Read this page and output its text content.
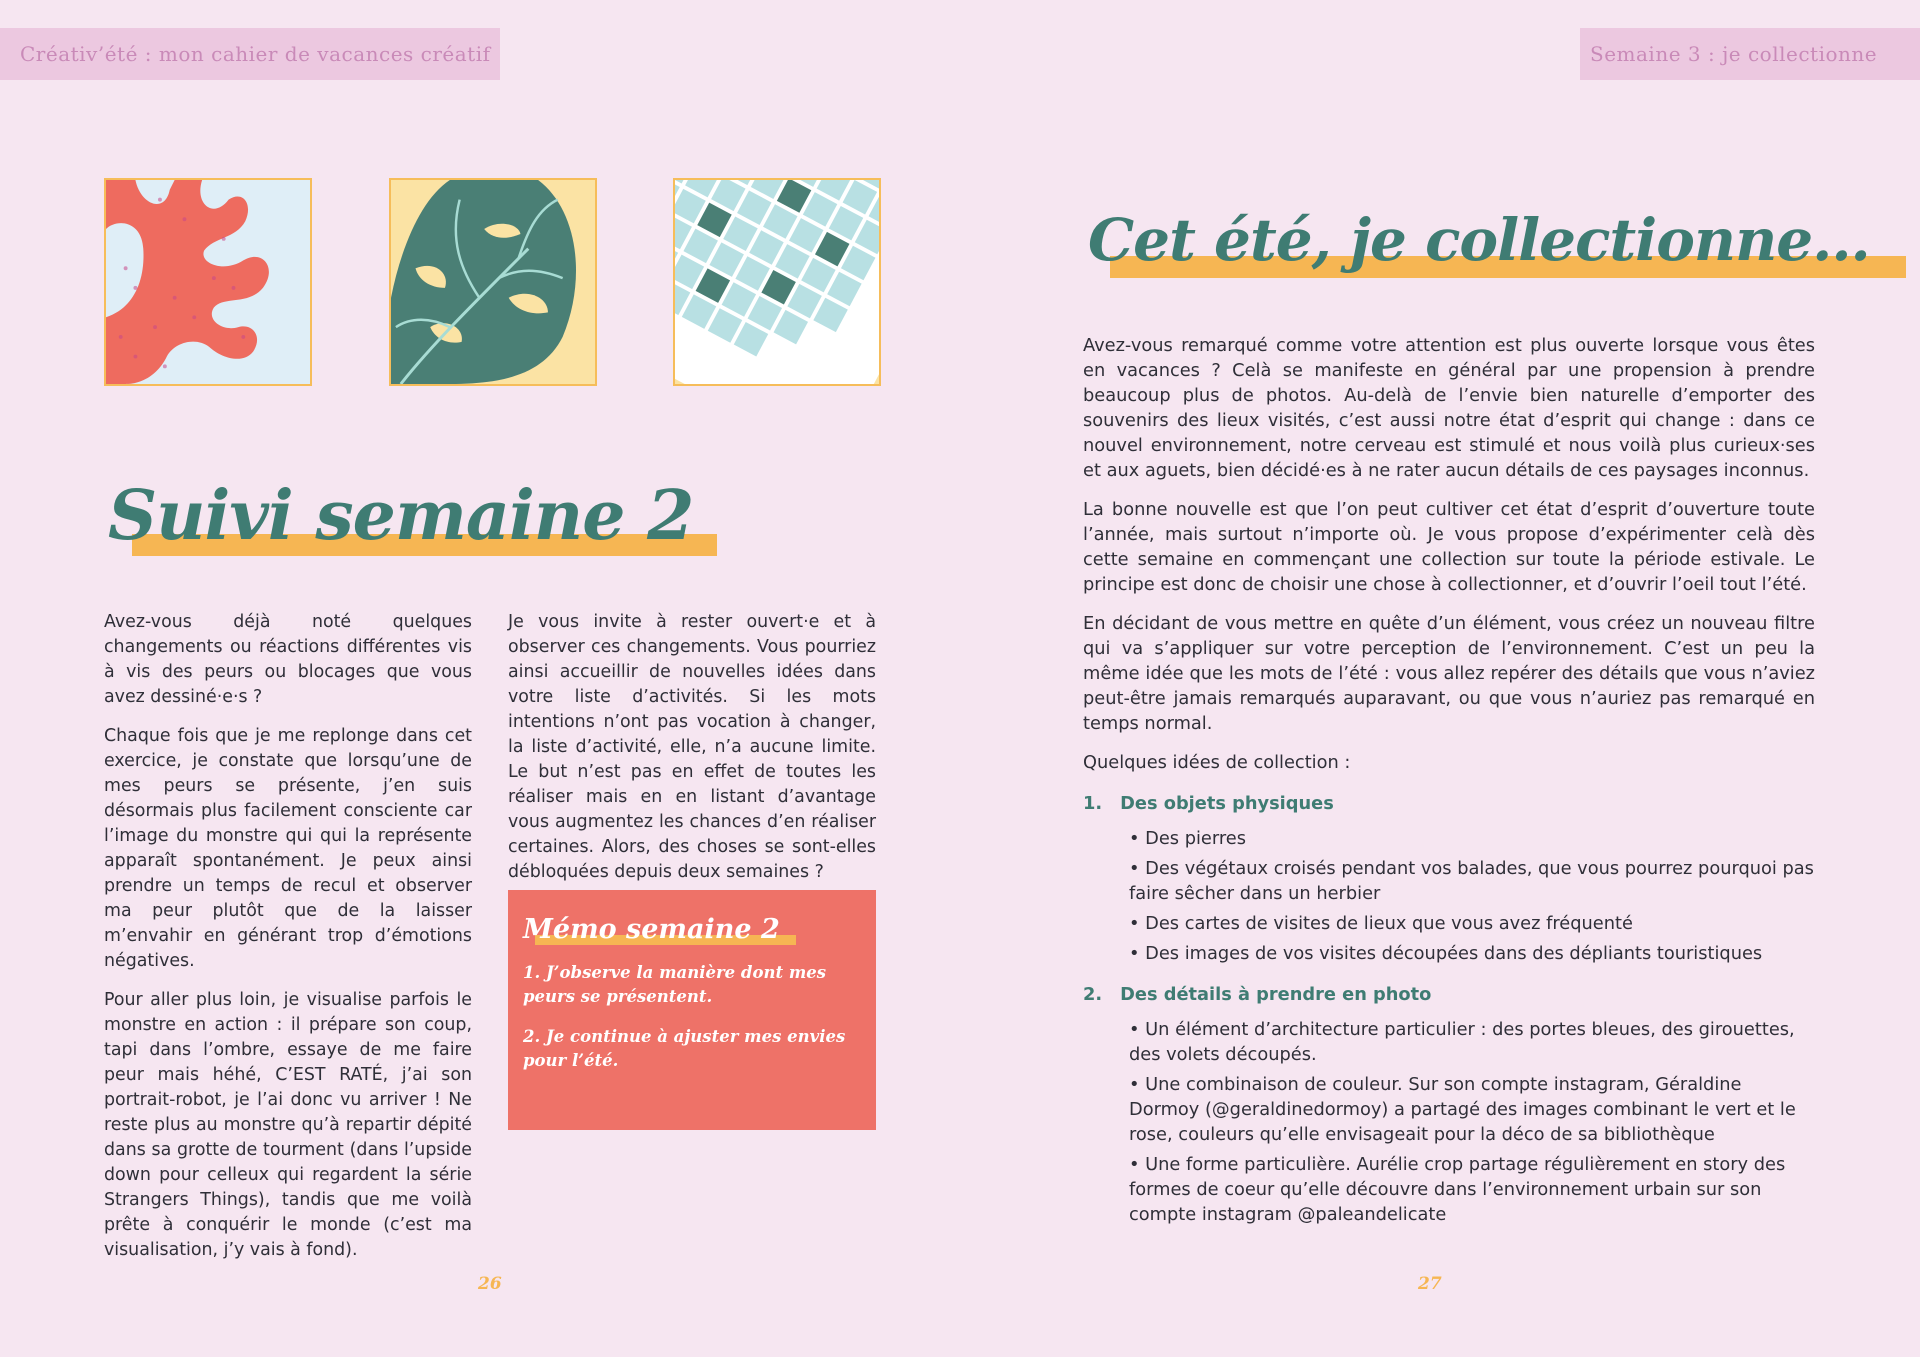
Créativ’été : mon cahier de vacances créatif	Semaine 3 : je collectionne
Suivi semaine 2

Avez-vous déjà noté quelques changements ou réactions différentes vis à vis des peurs ou blocages que vous avez dessiné·e·s ?

Chaque fois que je me replonge dans cet exercice, je constate que lorsqu’une de mes peurs se présente, j’en suis désormais plus facilement consciente car l’image du monstre qui qui la représente apparaît spontanément. Je peux ainsi prendre un temps de recul et observer ma peur plutôt que de la laisser m’envahir en générant trop d’émotions négatives.

Pour aller plus loin, je visualise parfois le monstre en action : il prépare son coup, tapi dans l’ombre, essaye de me faire peur mais héhé, C’EST RATÉ, j’ai son portrait-robot, je l’ai donc vu arriver ! Ne reste plus au monstre qu’à repartir dépité dans sa grotte de tourment (dans l’upside down pour celleux qui regardent la série Strangers Things), tandis que me voilà prête à conquérir le monde (c’est ma visualisation, j’y vais à fond).

Je vous invite à rester ouvert·e et à observer ces changements. Vous pourriez ainsi accueillir de nouvelles idées dans votre liste d’activités. Si les mots intentions n’ont pas vocation à changer, la liste d’activité, elle, n’a aucune limite. Le but n’est pas en effet de toutes les réaliser mais en en listant d’avantage vous augmentez les chances d’en réaliser certaines. Alors, des choses se sont-elles débloquées depuis deux semaines ?

Mémo semaine 2
1. J’observe la manière dont mes peurs se présentent.
2. Je continue à ajuster mes envies pour l’été.
26
Cet été, je collectionne...

Avez-vous remarqué comme votre attention est plus ouverte lorsque vous êtes en vacances ? Celà se manifeste en général par une propension à prendre beaucoup plus de photos. Au-delà de l’envie bien naturelle d’emporter des souvenirs des lieux visités, c’est aussi notre état d’esprit qui change : dans ce nouvel environnement, notre cerveau est stimulé et nous voilà plus curieux·ses et aux aguets, bien décidé·es à ne rater aucun détails de ces paysages inconnus.

La bonne nouvelle est que l’on peut cultiver cet état d’esprit d’ouverture toute l’année, mais surtout n’importe où. Je vous propose d’expérimenter celà dès cette semaine en commençant une collection sur toute la période estivale. Le principe est donc de choisir une chose à collectionner, et d’ouvrir l’oeil tout l’été.

En décidant de vous mettre en quête d’un élément, vous créez un nouveau filtre qui va s’appliquer sur votre perception de l’environnement. C’est un peu la même idée que les mots de l’été : vous allez repérer des détails que vous n’aviez peut-être jamais remarqués auparavant, ou que vous n’auriez pas remarqué en temps normal.

Quelques idées de collection :

1. Des objets physiques
• Des pierres
• Des végétaux croisés pendant vos balades, que vous pourrez pourquoi pas faire sêcher dans un herbier
• Des cartes de visites de lieux que vous avez fréquenté
• Des images de vos visites découpées dans des dépliants touristiques
2. Des détails à prendre en photo
• Un élément d’architecture particulier : des portes bleues, des girouettes, des volets découpés.
• Une combinaison de couleur. Sur son compte instagram, Géraldine Dormoy (@geraldinedormoy) a partagé des images combinant le vert et le rose, couleurs qu’elle envisageait pour la déco de sa bibliothèque
• Une forme particulière. Aurélie crop partage régulièrement en story des formes de coeur qu’elle découvre dans l’environnement urbain sur son compte instagram @paleandelicate
27
